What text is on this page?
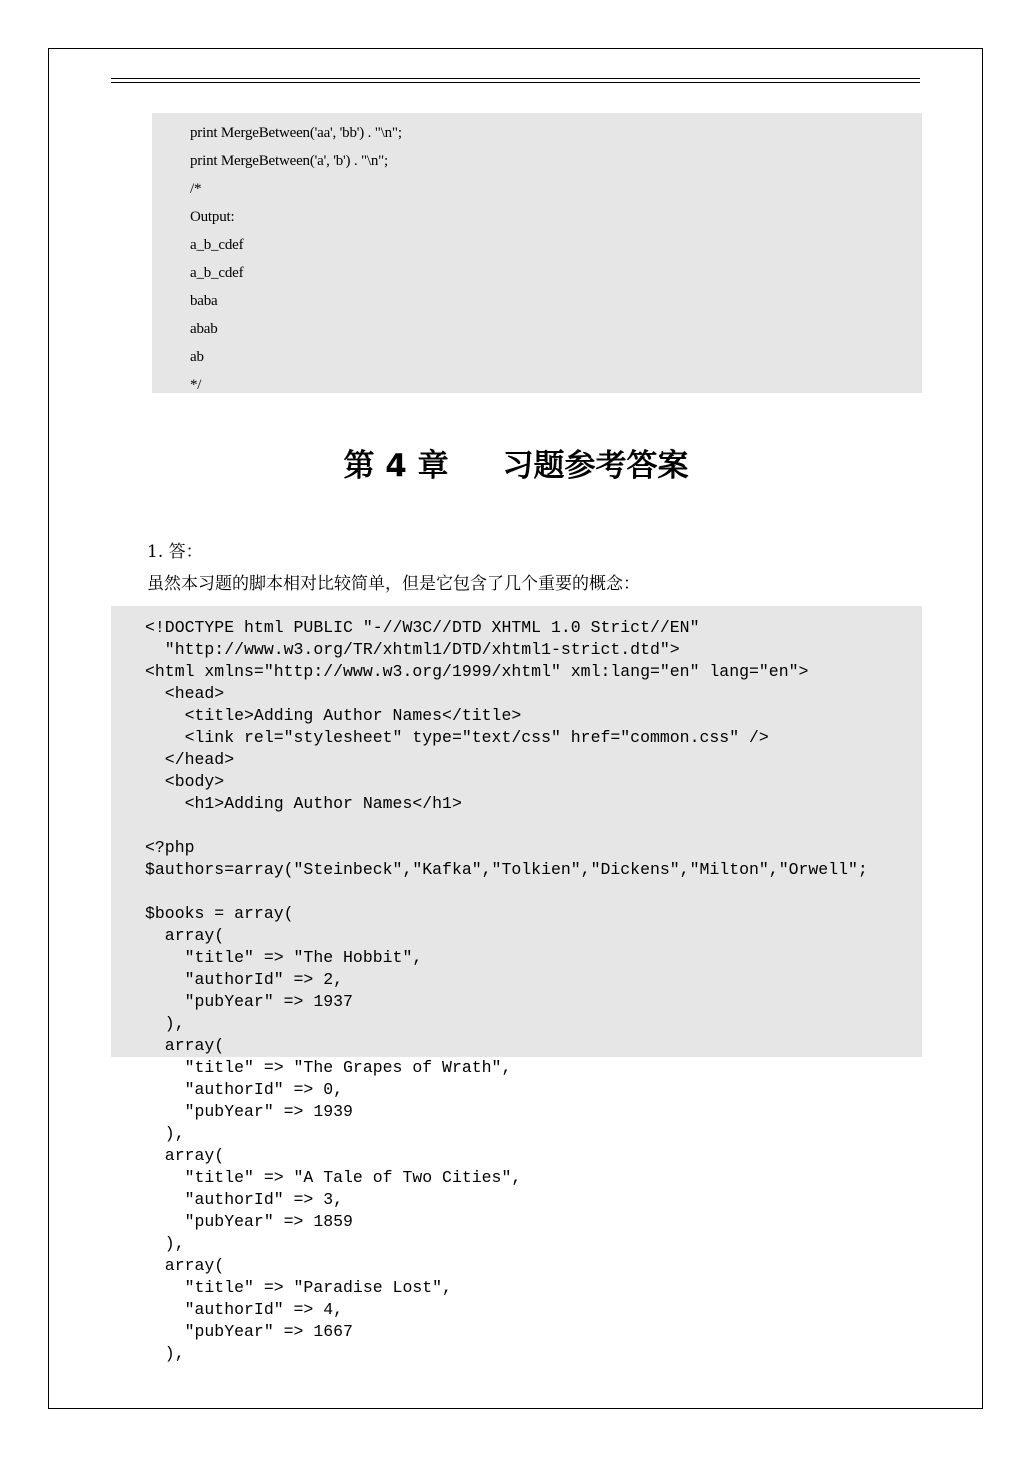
print MergeBetween('aa', 'bb') . "\n";
print MergeBetween('a', 'b') . "\n";
/*
Output:
a_b_cdef
a_b_cdef
baba
abab
ab
*/
第 4 章     习题参考答案
1. 答：
虽然本习题的脚本相对比较简单，但是它包含了几个重要的概念：
<!DOCTYPE html PUBLIC "-//W3C//DTD XHTML 1.0 Strict//EN"
"http://www.w3.org/TR/xhtml1/DTD/xhtml1-strict.dtd">
<html xmlns="http://www.w3.org/1999/xhtml" xml:lang="en" lang="en">
<head>
<title>Adding Author Names</title>
<link rel="stylesheet" type="text/css" href="common.css" />
</head>
<body>
<h1>Adding Author Names</h1>
<?php
$authors=array("Steinbeck","Kafka","Tolkien","Dickens","Milton","Orwell";
$books = array(
array(
"title" => "The Hobbit",
"authorId" => 2,
"pubYear" => 1937
),
array(
"title" => "The Grapes of Wrath",
"authorId" => 0,
"pubYear" => 1939
),
array(
"title" => "A Tale of Two Cities",
"authorId" => 3,
"pubYear" => 1859
),
array(
"title" => "Paradise Lost",
"authorId" => 4,
"pubYear" => 1667
),
